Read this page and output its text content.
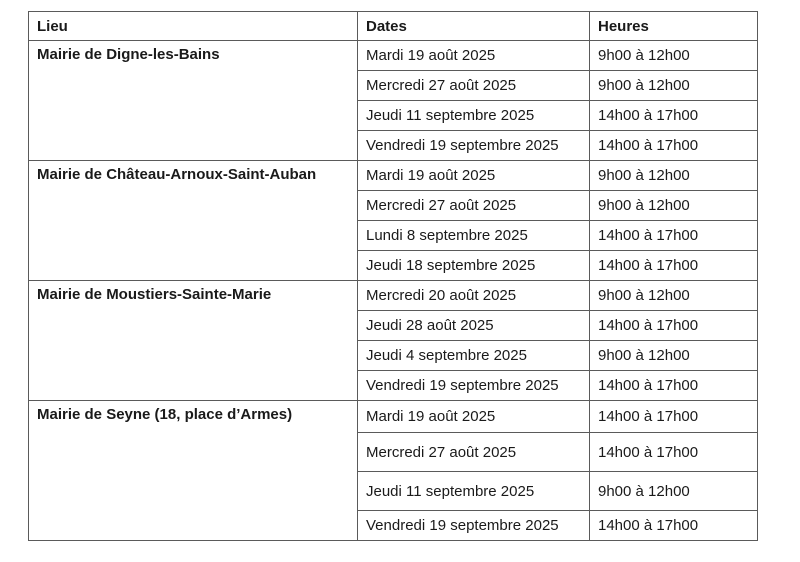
Lieu	Dates	Heures
Mairie de Digne-les-Bains	Mardi 19 août 2025	9h00 à 12h00
	Mercredi 27 août 2025	9h00 à 12h00
	Jeudi 11 septembre 2025	14h00 à 17h00
	Vendredi 19 septembre 2025	14h00 à 17h00
Mairie de Château-Arnoux-Saint-Auban	Mardi 19 août 2025	9h00 à 12h00
	Mercredi 27 août 2025	9h00 à 12h00
	Lundi 8 septembre 2025	14h00 à 17h00
	Jeudi 18 septembre 2025	14h00 à 17h00
Mairie de Moustiers-Sainte-Marie	Mercredi 20 août 2025	9h00 à 12h00
	Jeudi 28 août 2025	14h00 à 17h00
	Jeudi 4 septembre 2025	9h00 à 12h00
	Vendredi 19 septembre 2025	14h00 à 17h00
Mairie de Seyne (18, place d’Armes)	Mardi 19 août 2025	14h00 à 17h00
	Mercredi 27 août 2025	14h00 à 17h00
	Jeudi 11 septembre 2025	9h00 à 12h00
	Vendredi 19 septembre 2025	14h00 à 17h00
